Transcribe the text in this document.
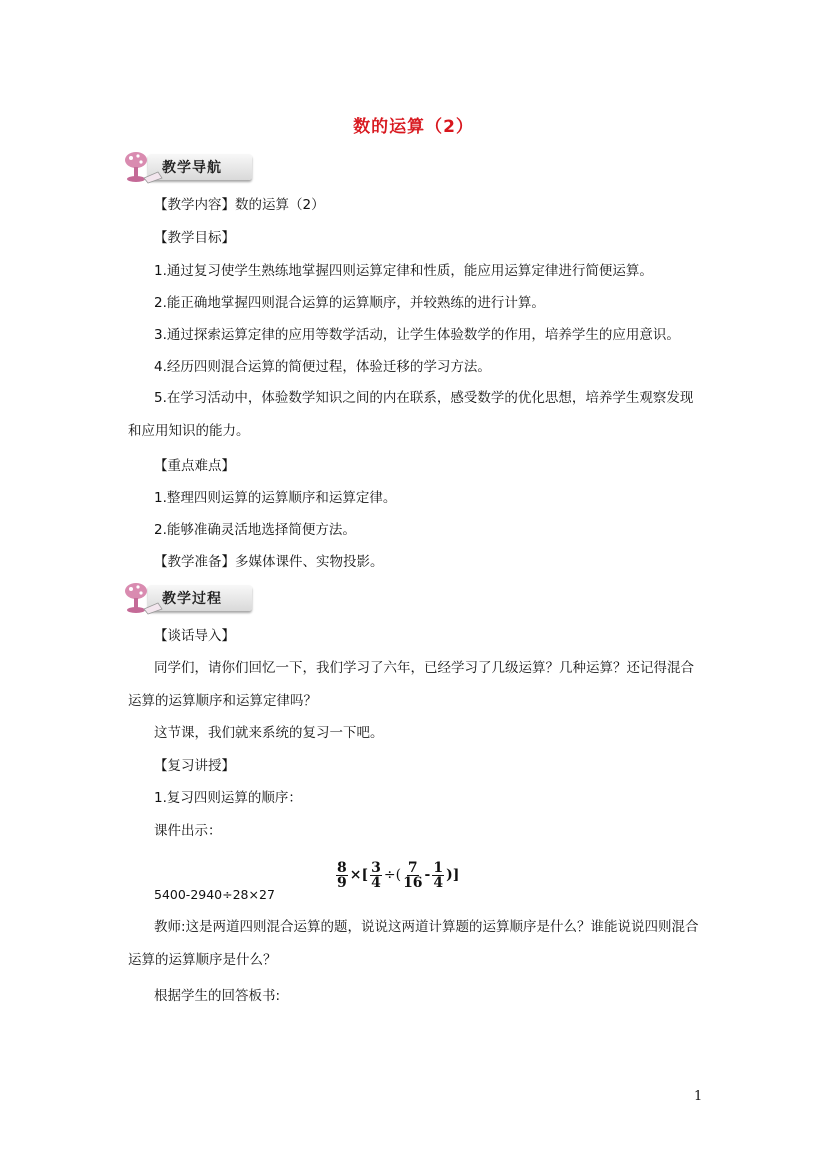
数的运算（2）
教学导航
【教学内容】数的运算（2）
【教学目标】
1.通过复习使学生熟练地掌握四则运算定律和性质，能应用运算定律进行简便运算。
2.能正确地掌握四则混合运算的运算顺序，并较熟练的进行计算。
3.通过探索运算定律的应用等数学活动，让学生体验数学的作用，培养学生的应用意识。
4.经历四则混合运算的简便过程，体验迁移的学习方法。
5.在学习活动中，体验数学知识之间的内在联系，感受数学的优化思想，培养学生观察发现和应用知识的能力。
【重点难点】
1.整理四则运算的运算顺序和运算定律。
2.能够准确灵活地选择简便方法。
【教学准备】多媒体课件、实物投影。
教学过程
【谈话导入】
同学们，请你们回忆一下，我们学习了六年，已经学习了几级运算？几种运算？还记得混合运算的运算顺序和运算定律吗？
这节课，我们就来系统的复习一下吧。
【复习讲授】
1.复习四则运算的顺序：
课件出示：
5400-2940÷28×27
$\frac{8}{9}$ ×[ $\frac{3}{4}$ ÷( 7
16 - 1
4 )]
教师:这是两道四则混合运算的题，说说这两道计算题的运算顺序是什么？谁能说说四则混合运算的运算顺序是什么？
根据学生的回答板书:
1
